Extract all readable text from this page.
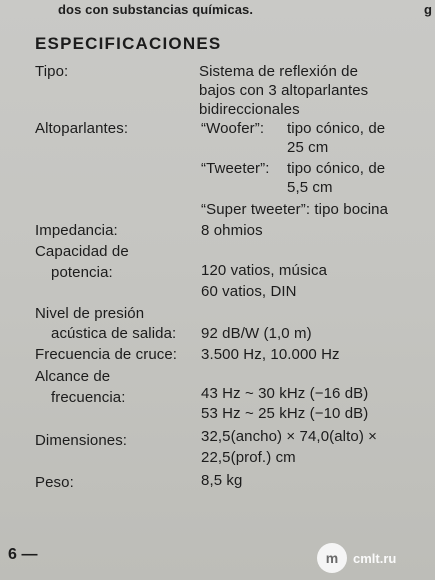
dos con substancias químicas.	g
ESPECIFICACIONES
Tipo:	Sistema de reflexión de
bajos con 3 altoparlantes
bidireccionales
Altoparlantes:	“Woofer”: tipo cónico, de
25 cm
“Tweeter”: tipo cónico, de
5,5 cm
“Super tweeter”: tipo bocina
Impedancia:	8 ohmios
Capacidad de
potencia:	120 vatios, música
60 vatios, DIN
Nivel de presión
acústica de salida: 92 dB/W (1,0 m)
Frecuencia de cruce: 3.500 Hz, 10.000 Hz
Alcance de
frecuencia:	43 Hz ~ 30 kHz (−16 dB)
53 Hz ~ 25 kHz (−10 dB)
Dimensiones:	32,5(ancho) × 74,0(alto) ×
22,5(prof.) cm
Peso:	8,5 kg
6 —	m	cmlt.ru
